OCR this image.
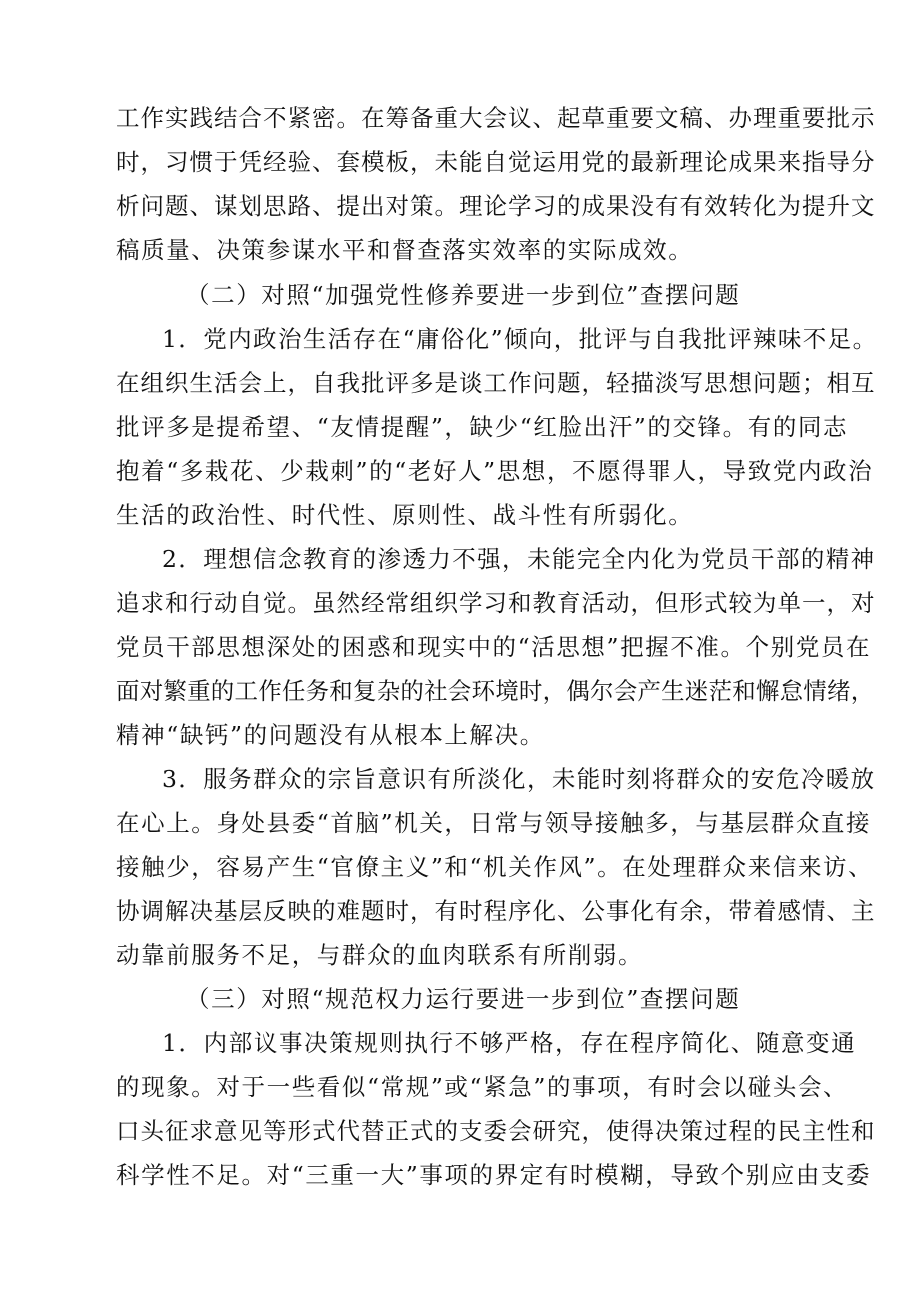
工作实践结合不紧密。在筹备重大会议、起草重要文稿、办理重要批示
时，习惯于凭经验、套模板，未能自觉运用党的最新理论成果来指导分
析问题、谋划思路、提出对策。理论学习的成果没有有效转化为提升文
稿质量、决策参谋水平和督查落实效率的实际成效。
（二）对照“加强党性修养要进一步到位”查摆问题
1．党内政治生活存在“庸俗化”倾向，批评与自我批评辣味不足。
在组织生活会上，自我批评多是谈工作问题，轻描淡写思想问题；相互
批评多是提希望、“友情提醒”，缺少“红脸出汗”的交锋。有的同志
抱着“多栽花、少栽刺”的“老好人”思想，不愿得罪人，导致党内政治
生活的政治性、时代性、原则性、战斗性有所弱化。
2．理想信念教育的渗透力不强，未能完全内化为党员干部的精神
追求和行动自觉。虽然经常组织学习和教育活动，但形式较为单一，对
党员干部思想深处的困惑和现实中的“活思想”把握不准。个别党员在
面对繁重的工作任务和复杂的社会环境时，偶尔会产生迷茫和懈怠情绪，
精神“缺钙”的问题没有从根本上解决。
3．服务群众的宗旨意识有所淡化，未能时刻将群众的安危冷暖放
在心上。身处县委“首脑”机关，日常与领导接触多，与基层群众直接
接触少，容易产生“官僚主义”和“机关作风”。在处理群众来信来访、
协调解决基层反映的难题时，有时程序化、公事化有余，带着感情、主
动靠前服务不足，与群众的血肉联系有所削弱。
（三）对照“规范权力运行要进一步到位”查摆问题
1．内部议事决策规则执行不够严格，存在程序简化、随意变通
的现象。对于一些看似“常规”或“紧急”的事项，有时会以碰头会、
口头征求意见等形式代替正式的支委会研究，使得决策过程的民主性和
科学性不足。对“三重一大”事项的界定有时模糊，导致个别应由支委
